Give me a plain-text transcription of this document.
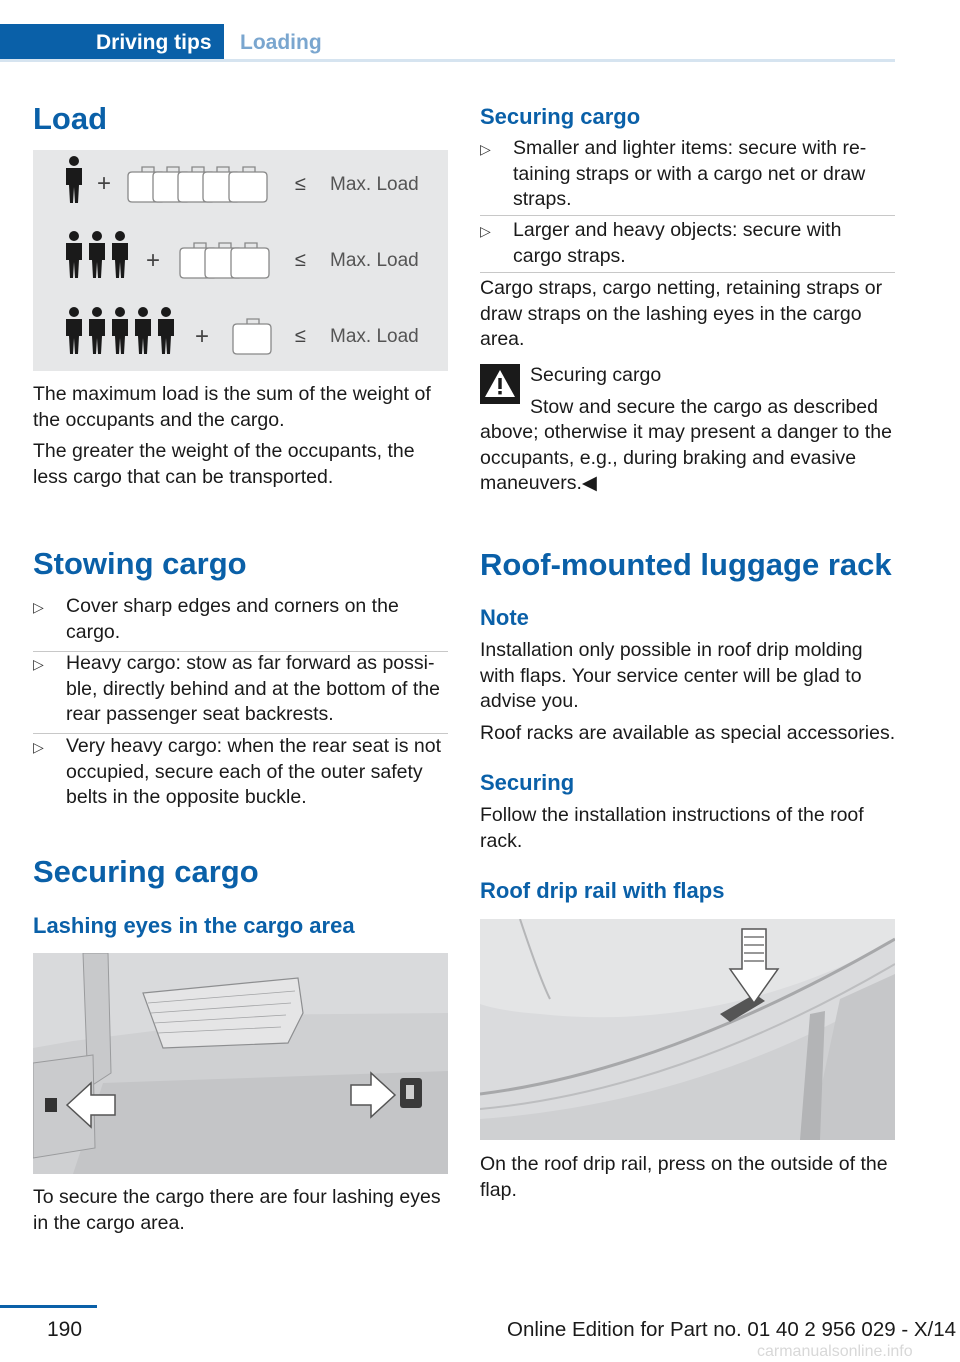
Driving tips	Loading
Load
+	≤ Max. Load
+	≤ Max. Load
+	≤ Max. Load
The maximum load is the sum of the weight of the occupants and the cargo.
The greater the weight of the occupants, the less cargo that can be transported.
Stowing cargo
▷ Cover sharp edges and corners on the cargo.
▷ Heavy cargo: stow as far forward as possi-ble, directly behind and at the bottom of the rear passenger seat backrests.
▷ Very heavy cargo: when the rear seat is not occupied, secure each of the outer safety belts in the opposite buckle.
Securing cargo
Lashing eyes in the cargo area
To secure the cargo there are four lashing eyes in the cargo area.
Securing cargo
▷ Smaller and lighter items: secure with re-taining straps or with a cargo net or draw straps.
▷ Larger and heavy objects: secure with cargo straps.
Cargo straps, cargo netting, retaining straps or draw straps on the lashing eyes in the cargo area.
Securing cargo
Stow and secure the cargo as described
above; otherwise it may present a danger to the occupants, e.g., during braking and evasive maneuvers.◀
Roof-mounted luggage rack
Note
Installation only possible in roof drip molding with flaps. Your service center will be glad to advise you.
Roof racks are available as special accessories.
Securing
Follow the installation instructions of the roof rack.
Roof drip rail with flaps
On the roof drip rail, press on the outside of the flap.
190	Online Edition for Part no. 01 40 2 956 029 - X/14
carmanualsonline.info
